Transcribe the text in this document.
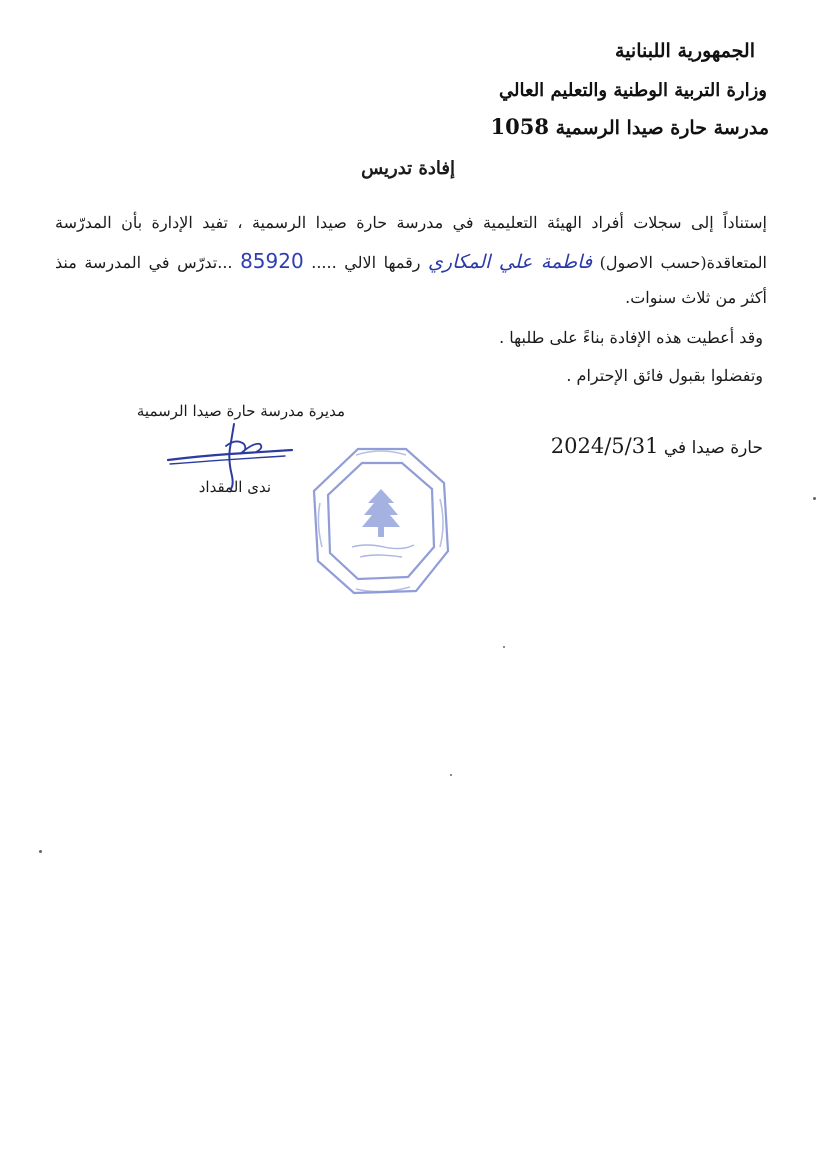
الجمهورية اللبنانية
وزارة التربية الوطنية والتعليم العالي
مدرسة حارة صيدا الرسمية 1058
إفادة تدريس
إستناداً إلى سجلات أفراد الهيئة التعليمية في مدرسة حارة صيدا الرسمية ، تفيد الإدارة بأن المدرّسة
المتعاقدة(حسب الاصول) فاطمة علي المكاري رقمها الالي ..... 85920 ...تدرّس في المدرسة منذ
أكثر من ثلاث سنوات.
وقد أعطيت هذه الإفادة بناءً على طلبها .
وتفضلوا بقبول فائق الإحترام .
مديرة مدرسة حارة صيدا الرسمية
ندى المقداد
حارة صيدا في 2024/5/31
